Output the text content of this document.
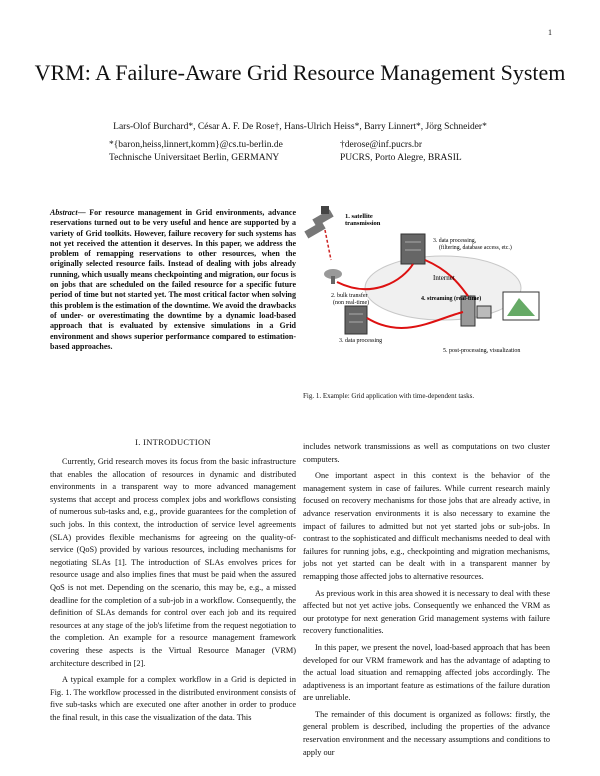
1
VRM: A Failure-Aware Grid Resource Management System
Lars-Olof Burchard*, César A. F. De Rose†, Hans-Ulrich Heiss*, Barry Linnert*, Jörg Schneider*
*{baron,heiss,linnert,komm}@cs.tu-berlin.de
Technische Universitaet Berlin, GERMANY
†derose@inf.pucrs.br
PUCRS, Porto Alegre, BRASIL
Abstract— For resource management in Grid environments, advance reservations turned out to be very useful and hence are supported by a variety of Grid toolkits. However, failure recovery for such systems has not yet received the attention it deserves. In this paper, we address the problem of remapping reservations to other resources, when the originally selected resource fails. Instead of dealing with jobs already running, which usually means checkpointing and migration, our focus is on jobs that are scheduled on the failed resource for a specific future period of time but not started yet. The most critical factor when solving this problem is the estimation of the downtime. We avoid the drawbacks of under- or overestimating the downtime by a dynamic load-based approach that is evaluated by extensive simulations in a Grid environment and shows superior performance compared to estimation-based approaches.
1. satellite
transmission
3. data processing,
(filtering, database access, etc.)
Internet
2. bulk transfer
(non real-time)
4. streaming (real-time)
3. data processing
5. post-processing, visualization
Fig. 1. Example: Grid application with time-dependent tasks.
I. INTRODUCTION

Currently, Grid research moves its focus from the basic infrastructure that enables the allocation of resources in dynamic and distributed environments in a transparent way to more advanced management systems that accept and process complex jobs and workflows consisting of numerous sub-tasks and, e.g., provide guarantees for the completion of such jobs. In this context, the introduction of service level agreements (SLA) provides flexible mechanisms for agreeing on the quality-of-service (QoS) provided by various resources, including mechanisms for negotiating SLAs [1]. The introduction of SLAs envolves prices for resource usage and also implies fines that must be paid when the assured QoS is not met. Depending on the scenario, this may be, e.g., a missed deadline for the completion of a sub-job in a workflow. Consequently, the definition of SLAs demands for control over each job and its required resources at any stage of the job's lifetime from the request negotiation to the completion. An example for a resource management framework covering these aspects is the Virtual Resource Manager (VRM) architecture described in [2].

A typical example for a complex workflow in a Grid is depicted in Fig. 1. The workflow processed in the distributed environment consists of five sub-tasks which are executed one after another in order to produce the final result, in this case the visualization of the data. This

includes network transmissions as well as computations on two cluster computers.

One important aspect in this context is the behavior of the management system in case of failures. While current research mainly focused on recovery mechanisms for those jobs that are already active, in advance reservation environments it is also necessary to examine the impact of failures to admitted but not yet started jobs or sub-jobs. In contrast to the sophisticated and difficult mechanisms needed to deal with failures for running jobs, e.g., checkpointing and migration mechanisms, jobs not yet started can be dealt with in a transparent manner by remapping those affected jobs to alternative resources.

As previous work in this area showed it is necessary to deal with these affected but not yet active jobs. Consequently we enhanced the VRM as our prototype for next generation Grid management systems with failure recovery functionalities.

In this paper, we present the novel, load-based approach that has been developed for our VRM framework and has the advantage of adapting to the actual load situation and remapping affected jobs accordingly. The adaptiveness is an important feature as estimations of the failure duration are unreliable.

The remainder of this document is organized as follows: firstly, the general problem is described, including the properties of the advance reservation environment and the necessary assumptions and conditions to apply our
